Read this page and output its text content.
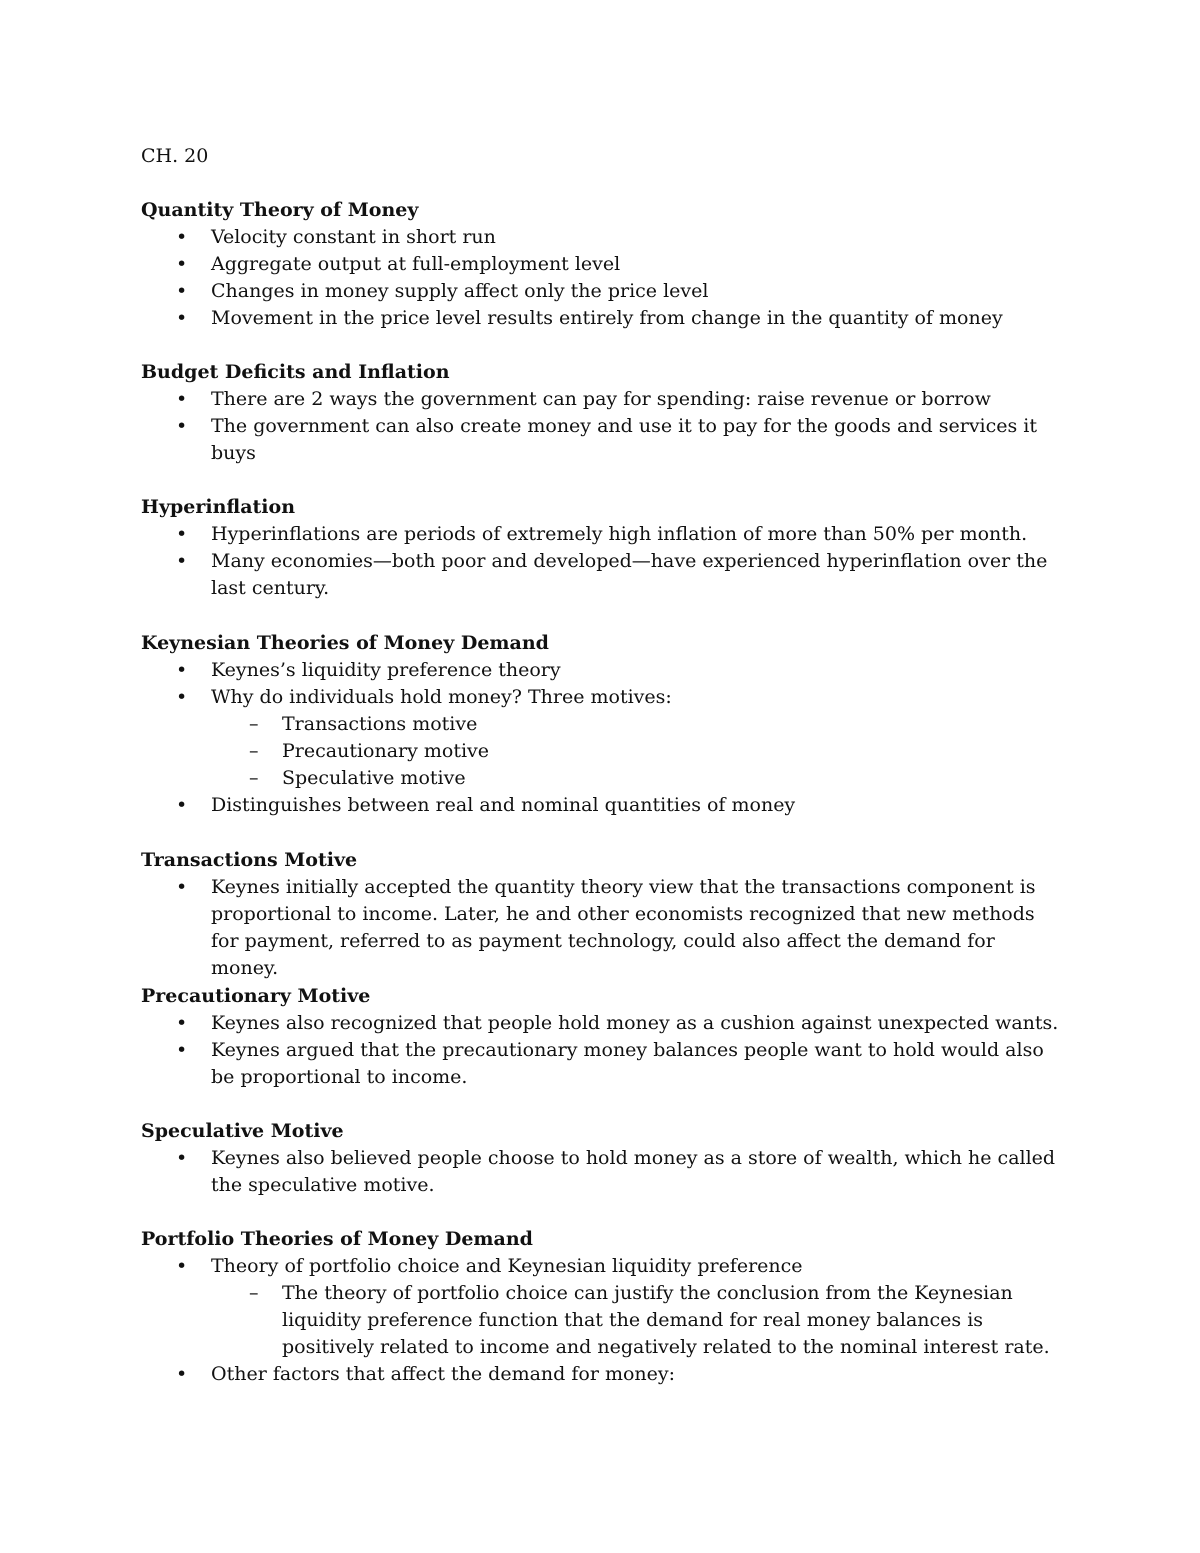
CH. 20
Quantity Theory of Money
• Velocity constant in short run
• Aggregate output at full-employment level
• Changes in money supply affect only the price level
• Movement in the price level results entirely from change in the quantity of money
Budget Deficits and Inflation
• There are 2 ways the government can pay for spending: raise revenue or borrow
• The government can also create money and use it to pay for the goods and services it buys
Hyperinflation
• Hyperinflations are periods of extremely high inflation of more than 50% per month.
• Many economies—both poor and developed—have experienced hyperinflation over the last century.
Keynesian Theories of Money Demand
• Keynes’s liquidity preference theory
• Why do individuals hold money? Three motives:
– Transactions motive
– Precautionary motive
– Speculative motive
• Distinguishes between real and nominal quantities of money
Transactions Motive
• Keynes initially accepted the quantity theory view that the transactions component is proportional to income. Later, he and other economists recognized that new methods for payment, referred to as payment technology, could also affect the demand for money.
Precautionary Motive
• Keynes also recognized that people hold money as a cushion against unexpected wants.
• Keynes argued that the precautionary money balances people want to hold would also be proportional to income.
Speculative Motive
• Keynes also believed people choose to hold money as a store of wealth, which he called the speculative motive.
Portfolio Theories of Money Demand
• Theory of portfolio choice and Keynesian liquidity preference
– The theory of portfolio choice can justify the conclusion from the Keynesian liquidity preference function that the demand for real money balances is positively related to income and negatively related to the nominal interest rate.
• Other factors that affect the demand for money:
